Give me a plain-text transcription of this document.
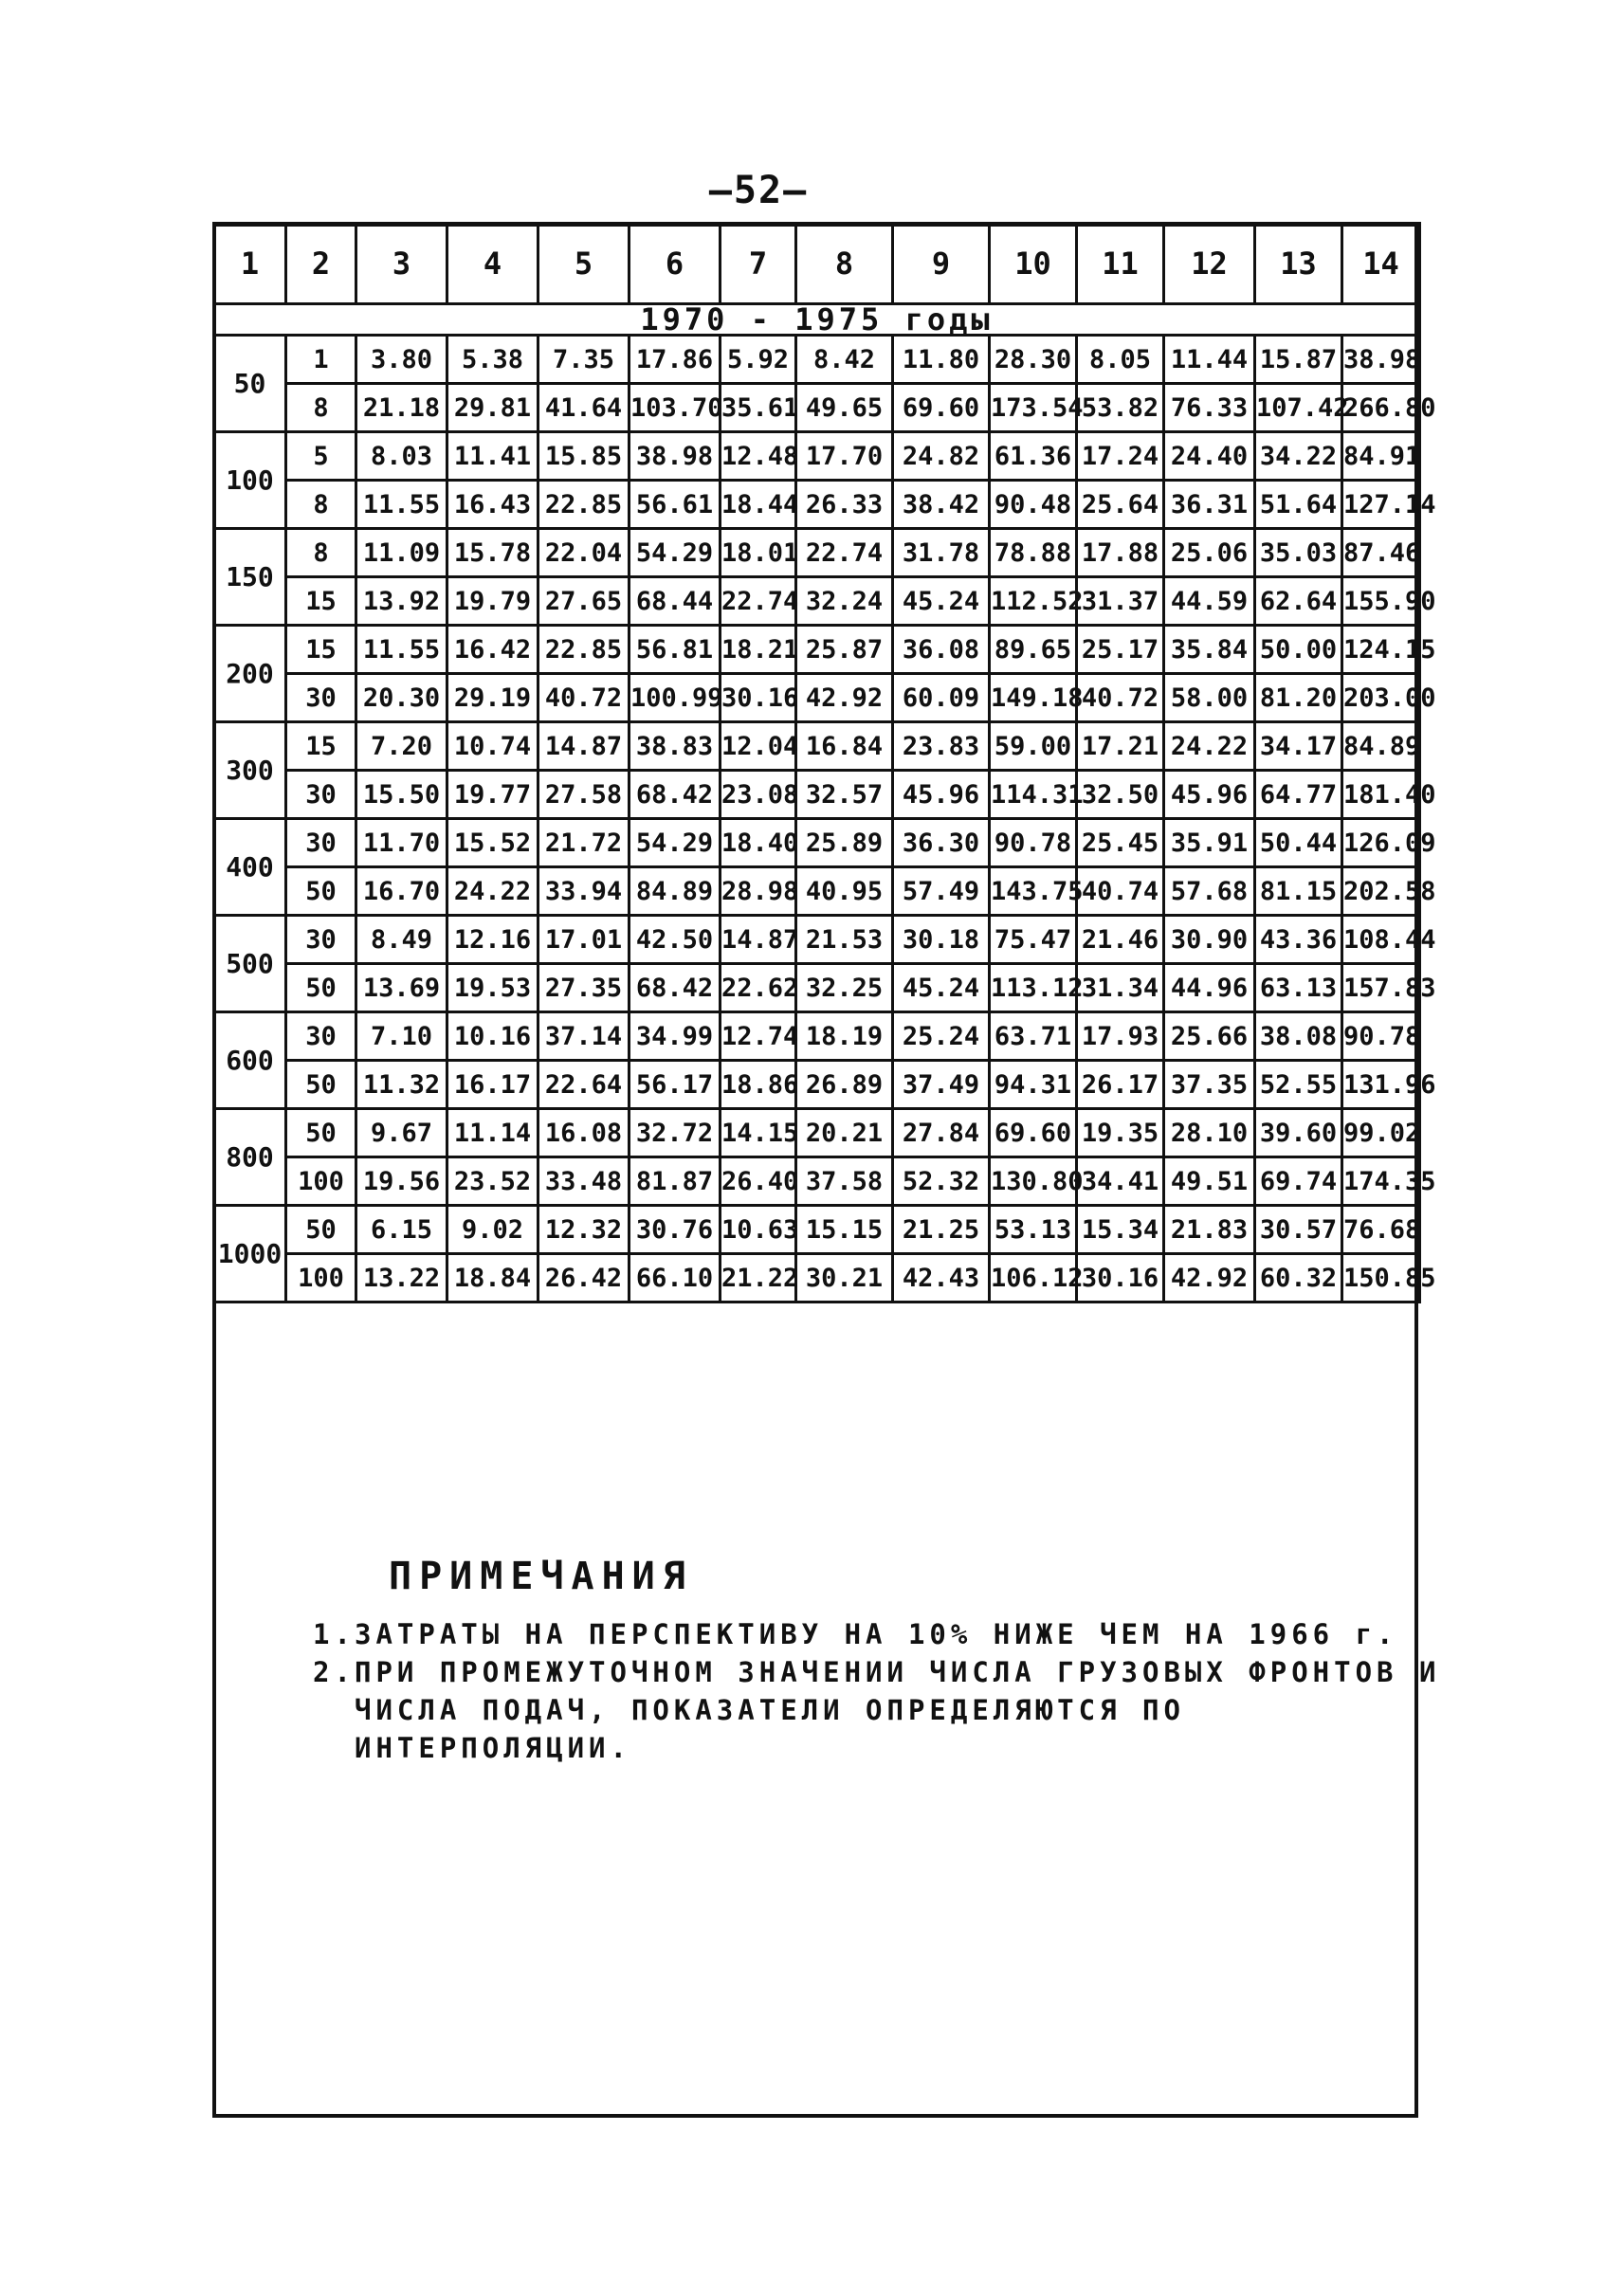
–52–
1	2	3	4	5	6	7	8	9	10	11	12	13	14
1970 - 1975 годы													
50	1	3.80	5.38	7.35	17.86	5.92	8.42	11.80	28.30	8.05	11.44	15.87	38.98
	8	21.18	29.81	41.64	103.70	35.61	49.65	69.60	173.54	53.82	76.33	107.42	266.80
100	5	8.03	11.41	15.85	38.98	12.48	17.70	24.82	61.36	17.24	24.40	34.22	84.91
	8	11.55	16.43	22.85	56.61	18.44	26.33	38.42	90.48	25.64	36.31	51.64	127.14
150	8	11.09	15.78	22.04	54.29	18.01	22.74	31.78	78.88	17.88	25.06	35.03	87.46
	15	13.92	19.79	27.65	68.44	22.74	32.24	45.24	112.52	31.37	44.59	62.64	155.90
200	15	11.55	16.42	22.85	56.81	18.21	25.87	36.08	89.65	25.17	35.84	50.00	124.15
	30	20.30	29.19	40.72	100.99	30.16	42.92	60.09	149.18	40.72	58.00	81.20	203.00
300	15	7.20	10.74	14.87	38.83	12.04	16.84	23.83	59.00	17.21	24.22	34.17	84.89
	30	15.50	19.77	27.58	68.42	23.08	32.57	45.96	114.31	32.50	45.96	64.77	181.40
400	30	11.70	15.52	21.72	54.29	18.40	25.89	36.30	90.78	25.45	35.91	50.44	126.09
	50	16.70	24.22	33.94	84.89	28.98	40.95	57.49	143.75	40.74	57.68	81.15	202.58
500	30	8.49	12.16	17.01	42.50	14.87	21.53	30.18	75.47	21.46	30.90	43.36	108.44
	50	13.69	19.53	27.35	68.42	22.62	32.25	45.24	113.12	31.34	44.96	63.13	157.83
600	30	7.10	10.16	37.14	34.99	12.74	18.19	25.24	63.71	17.93	25.66	38.08	90.78
	50	11.32	16.17	22.64	56.17	18.86	26.89	37.49	94.31	26.17	37.35	52.55	131.96
800	50	9.67	11.14	16.08	32.72	14.15	20.21	27.84	69.60	19.35	28.10	39.60	99.02
	100	19.56	23.52	33.48	81.87	26.40	37.58	52.32	130.80	34.41	49.51	69.74	174.35
1000	50	6.15	9.02	12.32	30.76	10.63	15.15	21.25	53.13	15.34	21.83	30.57	76.68
	100	13.22	18.84	26.42	66.10	21.22	30.21	42.43	106.12	30.16	42.92	60.32	150.85
ПРИМЕЧАНИЯ
1. ЗАТРАТЫ НА ПЕРСПЕКТИВУ НА 10% НИЖЕ ЧЕМ НА 1966 г.
2. ПРИ ПРОМЕЖУТОЧНОМ ЗНАЧЕНИИ ЧИСЛА ГРУЗОВЫХ ФРОНТОВ И ЧИСЛА ПОДАЧ, ПОКАЗАТЕЛИ ОПРЕДЕЛЯЮТСЯ ПО ИНТЕРПОЛЯЦИИ.
